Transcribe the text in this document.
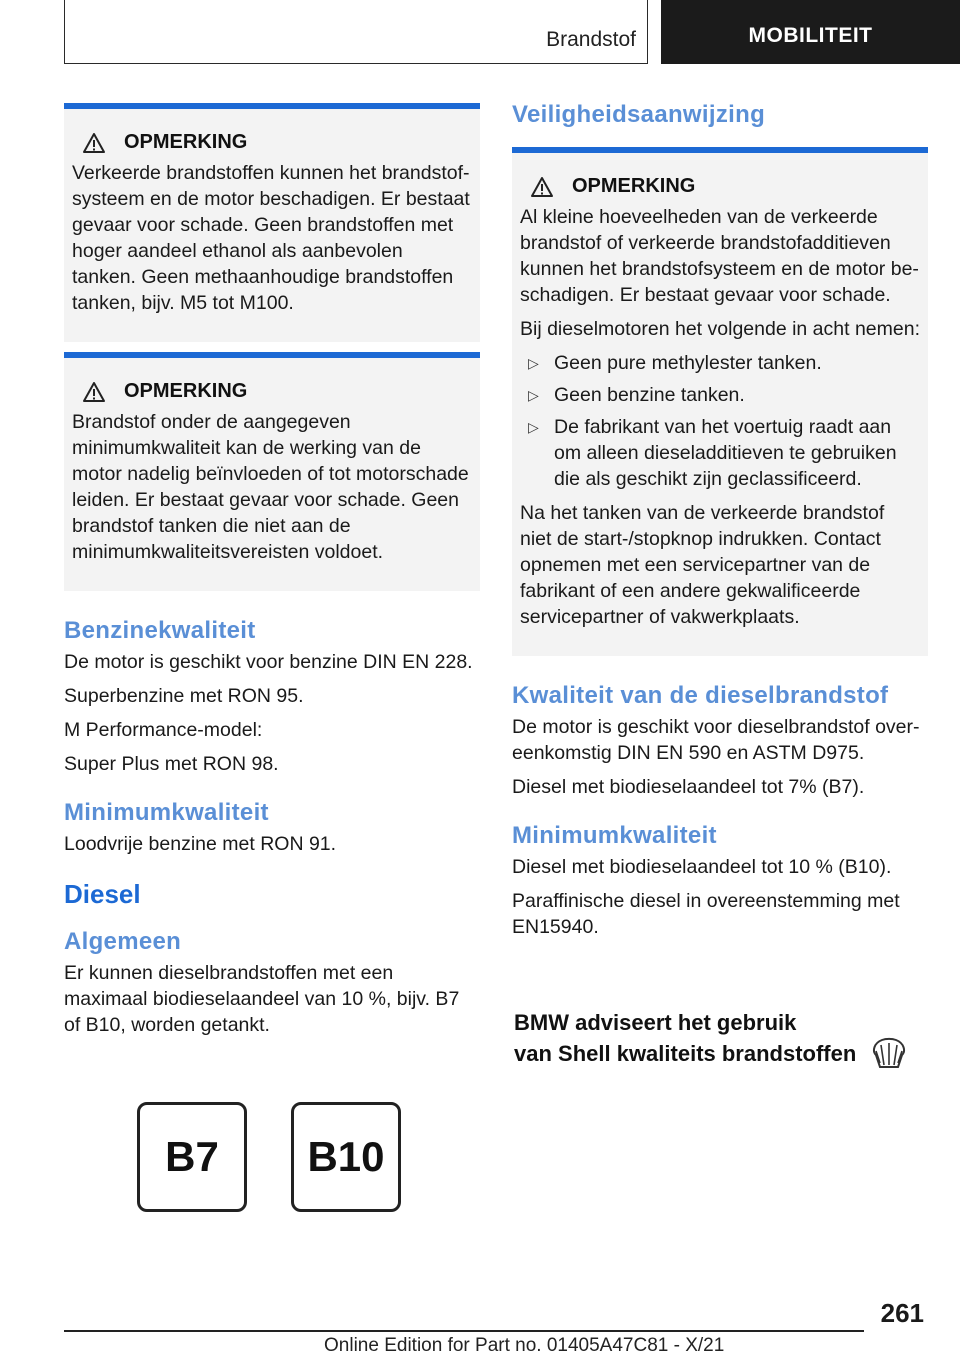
Brandstof	MOBILITEIT
OPMERKING

Verkeerde brandstoffen kunnen het brandstofsysteem en de motor beschadigen. Er bestaat gevaar voor schade. Geen brandstoffen met hoger aandeel ethanol als aanbevolen tanken. Geen methaanhoudige brandstoffen tanken, bijv. M5 tot M100.

OPMERKING

Brandstof onder de aangegeven minimumkwaliteit kan de werking van de motor nadelig beïnvloeden of tot motorschade leiden. Er bestaat gevaar voor schade. Geen brandstof tanken die niet aan de minimumkwaliteitsvereisten voldoet.

Benzinekwaliteit

De motor is geschikt voor benzine DIN EN 228.

Superbenzine met RON 95.

M Performance-model:

Super Plus met RON 98.

Minimumkwaliteit

Loodvrije benzine met RON 91.

Diesel
Algemeen

Er kunnen dieselbrandstoffen met een maximaal biodieselaandeel van 10 %, bijv. B7 of B10, worden getankt.

B7	B10
Veiligheidsaanwijzing
OPMERKING

Al kleine hoeveelheden van de verkeerde brandstof of verkeerde brandstofadditieven kunnen het brandstofsysteem en de motor beschadigen. Er bestaat gevaar voor schade.

Bij dieselmotoren het volgende in acht nemen:

▷ Geen pure methylester tanken.
▷ Geen benzine tanken.
▷ De fabrikant van het voertuig raadt aan om alleen dieseladditieven te gebruiken die als geschikt zijn geclassificeerd.

Na het tanken van de verkeerde brandstof niet de start-/stopknop indrukken. Contact opnemen met een servicepartner van de fabrikant of een andere gekwalificeerde servicepartner of vakwerkplaats.

Kwaliteit van de dieselbrandstof

De motor is geschikt voor dieselbrandstof overeenkomstig DIN EN 590 en ASTM D975.

Diesel met biodieselaandeel tot 7% (B7).

Minimumkwaliteit

Diesel met biodieselaandeel tot 10 % (B10).

Paraffinische diesel in overeenstemming met EN15940.

BMW adviseert het gebruik
van Shell kwaliteits brandstoffen
261
Online Edition for Part no. 01405A47C81 - X/21
